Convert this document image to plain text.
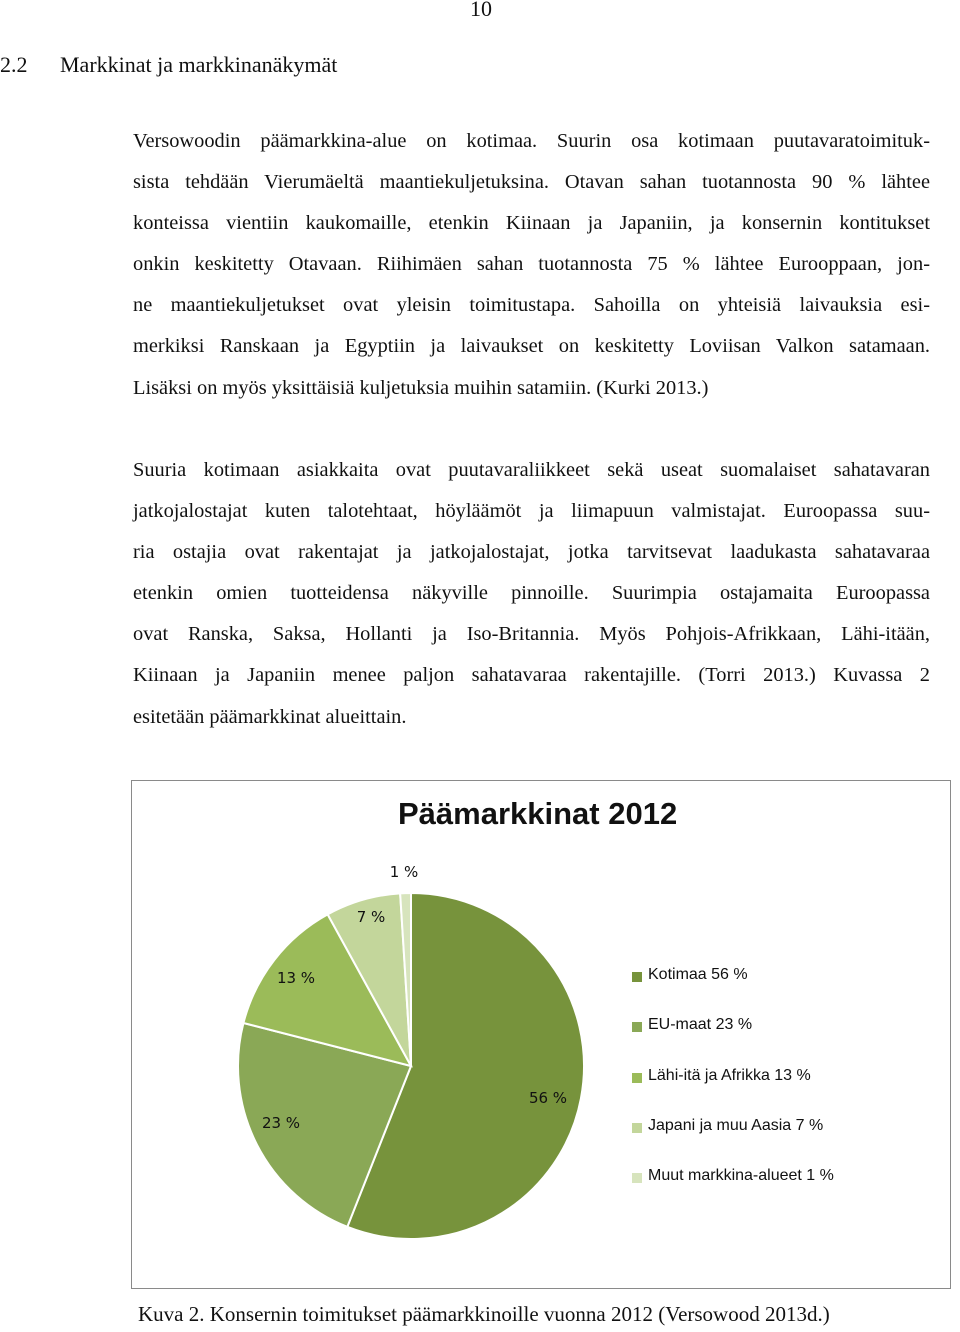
10
2.2 Markkinat ja markkinanäkymät
Versowoodin päämarkkina-alue on kotimaa. Suurin osa kotimaan puutavaratoimituk-
sista tehdään Vierumäeltä maantiekuljetuksina. Otavan sahan tuotannosta 90 % lähtee
konteissa vientiin kaukomaille, etenkin Kiinaan ja Japaniin, ja konsernin kontitukset
onkin keskitetty Otavaan. Riihimäen sahan tuotannosta 75 % lähtee Eurooppaan, jon-
ne maantiekuljetukset ovat yleisin toimitustapa. Sahoilla on yhteisiä laivauksia esi-
merkiksi Ranskaan ja Egyptiin ja laivaukset on keskitetty Loviisan Valkon satamaan.
Lisäksi on myös yksittäisiä kuljetuksia muihin satamiin. (Kurki 2013.)
Suuria kotimaan asiakkaita ovat puutavaraliikkeet sekä useat suomalaiset sahatavaran
jatkojalostajat kuten talotehtaat, höyläämöt ja liimapuun valmistajat. Euroopassa suu-
ria ostajia ovat rakentajat ja jatkojalostajat, jotka tarvitsevat laadukasta sahatavaraa
etenkin omien tuotteidensa näkyville pinnoille. Suurimpia ostajamaita Euroopassa
ovat Ranska, Saksa, Hollanti ja Iso-Britannia. Myös Pohjois-Afrikkaan, Lähi-itään,
Kiinaan ja Japaniin menee paljon sahatavaraa rakentajille. (Torri 2013.) Kuvassa 2
esitetään päämarkkinat alueittain.
56 %
23 %
13 %
7 %
1 %
Päämarkkinat 2012
Kotimaa 56 %
EU-maat 23 %
Lähi-itä ja Afrikka 13 %
Japani ja muu Aasia 7 %
Muut markkina-alueet 1 %
Kuva 2. Konsernin toimitukset päämarkkinoille vuonna 2012 (Versowood 2013d.)
